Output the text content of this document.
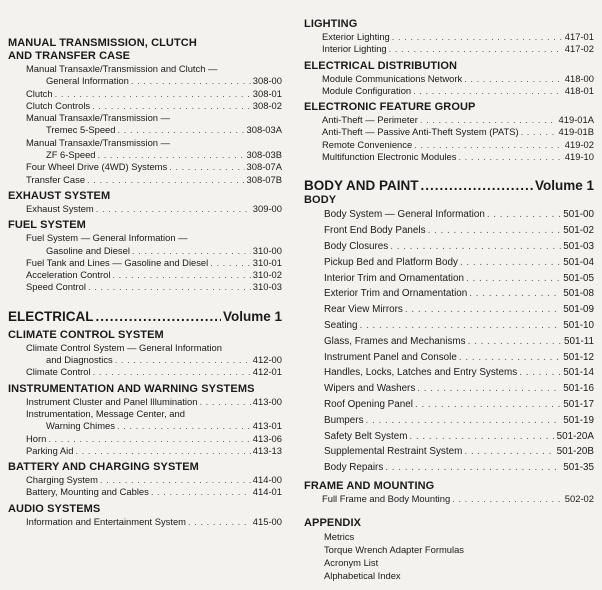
MANUAL TRANSMISSION, CLUTCH
AND TRANSFER CASE
Manual Transaxle/Transmission and Clutch —
General Information . . .	308-00
Clutch . . .	308-01
Clutch Controls . . .	308-02
Manual Transaxle/Transmission —
Tremec 5-Speed . . .	308-03A
Manual Transaxle/Transmission —
ZF 6-Speed . . .	308-03B
Four Wheel Drive (4WD) Systems . . .	308-07A
Transfer Case . . .	308-07B
EXHAUST SYSTEM
Exhaust System . . .	309-00
FUEL SYSTEM
Fuel System — General Information —
Gasoline and Diesel . . .	310-00
Fuel Tank and Lines — Gasoline and Diesel . . .	310-01
Acceleration Control . . .	310-02
Speed Control . . .	310-03
ELECTRICAL .....	Volume 1
CLIMATE CONTROL SYSTEM
Climate Control System — General Information
and Diagnostics . . .	412-00
Climate Control . . .	412-01
INSTRUMENTATION AND WARNING SYSTEMS
Instrument Cluster and Panel Illumination . . .	413-00
Instrumentation, Message Center, and
Warning Chimes . . .	413-01
Horn . . .	413-06
Parking Aid . . .	413-13
BATTERY AND CHARGING SYSTEM
Charging System . . .	414-00
Battery, Mounting and Cables . . .	414-01
AUDIO SYSTEMS
Information and Entertainment System . . .	415-00
LIGHTING
Exterior Lighting . . .	417-01
Interior Lighting . . .	417-02
ELECTRICAL DISTRIBUTION
Module Communications Network . . .	418-00
Module Configuration . . .	418-01
ELECTRONIC FEATURE GROUP
Anti-Theft — Perimeter . . .	419-01A
Anti-Theft — Passive Anti-Theft System (PATS) . . .	419-01B
Remote Convenience . . .	419-02
Multifunction Electronic Modules . . .	419-10
BODY AND PAINT .....	Volume 1
BODY
Body System — General Information . . .	501-00
Front End Body Panels . . .	501-02
Body Closures . . .	501-03
Pickup Bed and Platform Body . . .	501-04
Interior Trim and Ornamentation . . .	501-05
Exterior Trim and Ornamentation . . .	501-08
Rear View Mirrors . . .	501-09
Seating . . .	501-10
Glass, Frames and Mechanisms . . .	501-11
Instrument Panel and Console . . .	501-12
Handles, Locks, Latches and Entry Systems . . .	501-14
Wipers and Washers . . .	501-16
Roof Opening Panel . . .	501-17
Bumpers . . .	501-19
Safety Belt System . . .	501-20A
Supplemental Restraint System . . .	501-20B
Body Repairs . . .	501-35
FRAME AND MOUNTING
Full Frame and Body Mounting . . .	502-02
APPENDIX
Metrics
Torque Wrench Adapter Formulas
Acronym List
Alphabetical Index
